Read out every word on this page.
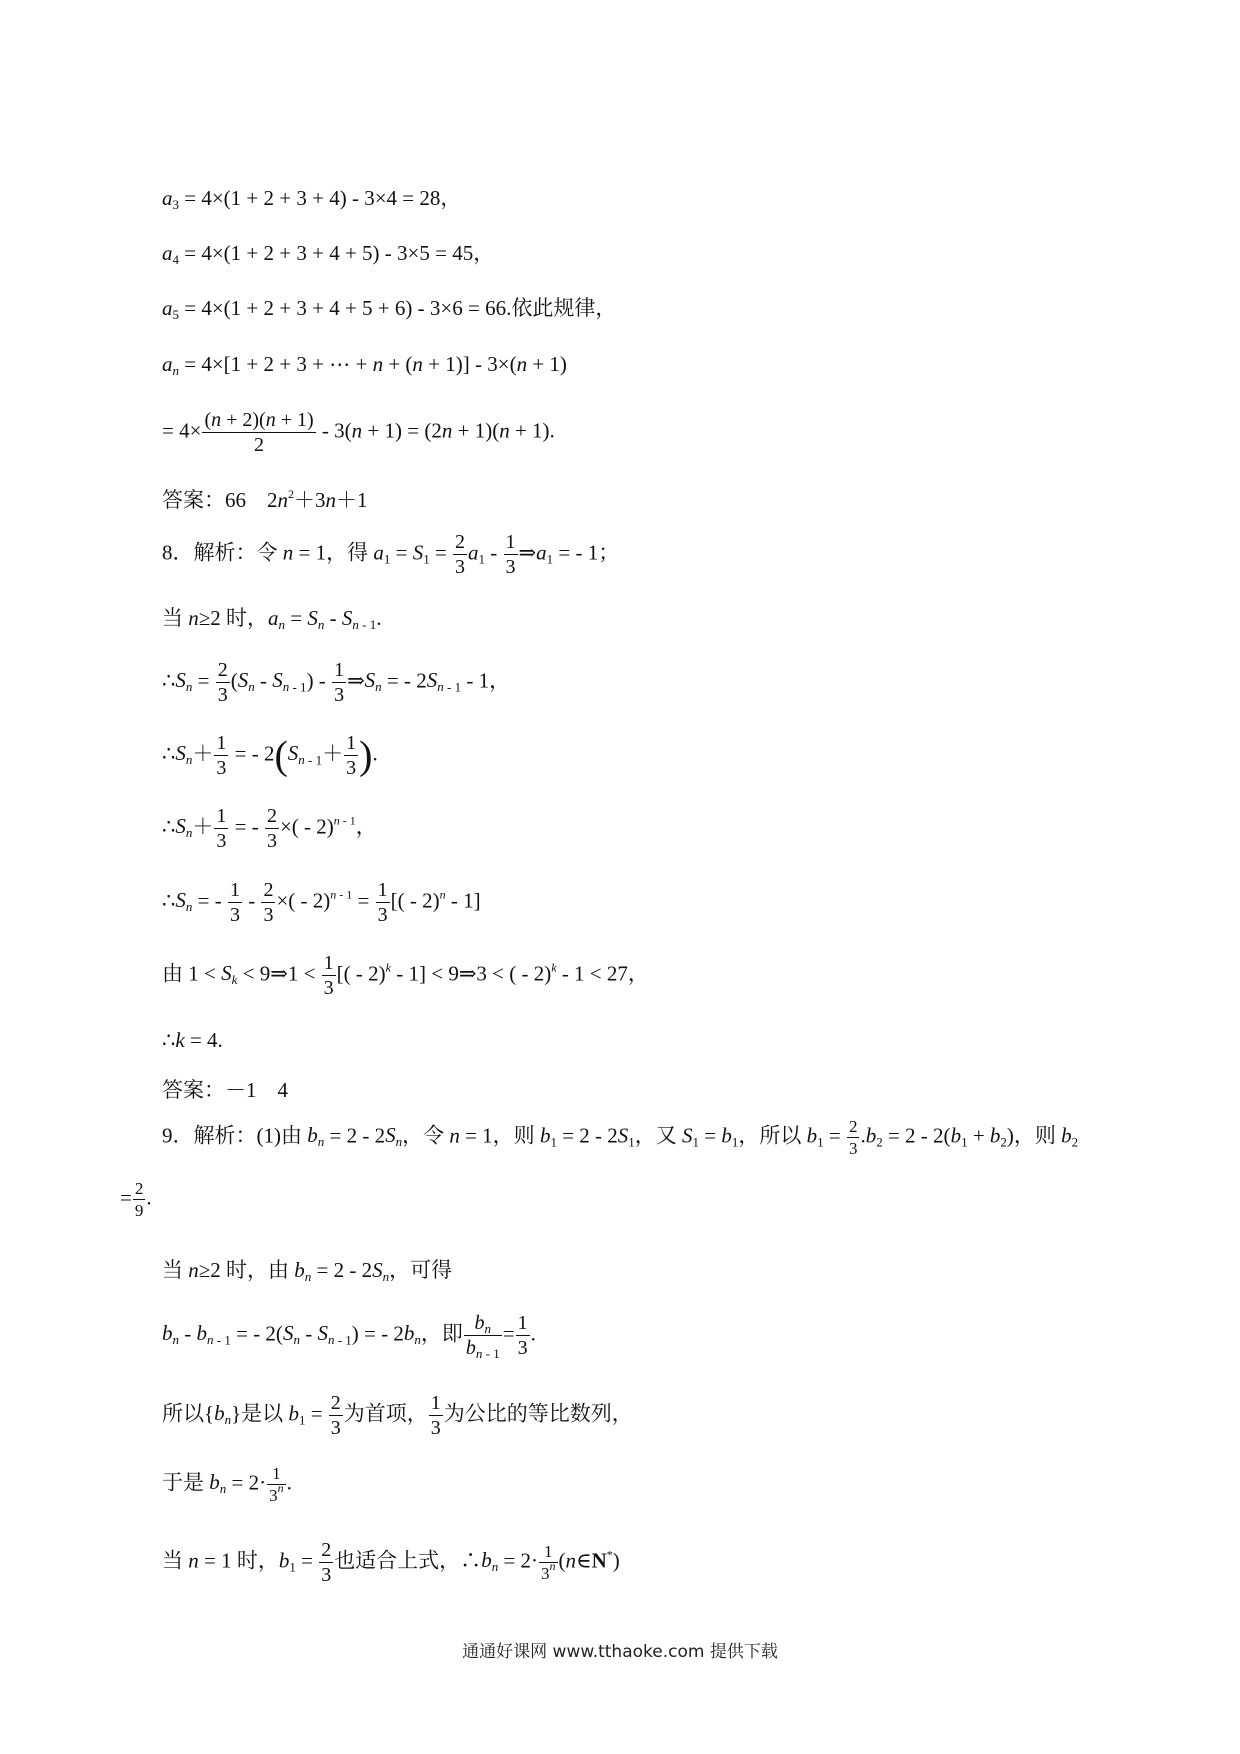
$a_3 = 4\times(1 + 2 + 3 + 4) - 3\times 4 = 28$，
$a_4 = 4\times(1 + 2 + 3 + 4 + 5) - 3\times 5 = 45$，
$a_5 = 4\times(1 + 2 + 3 + 4 + 5 + 6) - 3\times 6 = 66$.依此规律，
$a_n = 4\times[1 + 2 + 3$ + ⋯ + n + (n + 1)] - 3×(n + 1)
= $4\times \frac{(n + 2)(n + 1)}{2} - 3(n + 1) = (2n + 1)(n + 1)$.
答案：66　$2n^2+3n+1$
8．解析：令 n = 1，得 $a_1 = S_1 = \frac{2}{3} a_1 - \frac{1}{3}$ $\Rightarrow a_1$ = - 1；
当 n≥2 时，$a_n = S_n - S_n$ $_{- 1}$.
$\therefore S_n = \frac{2}{3} (S_n - S_n$ $_{- 1}) - \frac{1}{3}$ $\Rightarrow S_n$ = - $2S_n$ $_{- 1}$ - 1，
$\therefore S_n+ \frac{1}{3}$ = - $2(S_n$ $_{- 1}+ \frac{1}{3}$ ).
$\therefore S_n+ \frac{1}{3}$ = - $\frac{2}{3}$ ×( - 2)$^{n - 1}$，
$\therefore S_n$ = - $\frac{1}{3} - \frac{2}{3}$ ×( - $2)^{n - 1} = \frac{1}{3}$ [( - 2)$^n$ - 1]
由 $1 < S_k$ < 9⇒1 < $\frac{1}{3}$ [( - 2)$^k$ - 1] < 9⇒3 < ( - 2)$^k$ - 1 < 27，
∴k = 4.
答案：－1　4
9．解析：(1)由 $b_n = 2 - 2S_n$，令 n = 1，则 $b_1 = 2 - 2S_1$，又 $S_1 = b_1$，所以 $b_1 = \frac{2}{3} .b_2 = 2 - 2(b_1 + b_2)$，则 $b_2$
= $\frac{2}{9}$ .
当 n≥2 时，由 $b_n = 2 - 2S_n$，可得
$b_n - b_n$ $_{- 1}$ = - $2(S_n - S_n$ $_{- 1}$) = - $2b_n$，即 $\frac{b_n}{b_n _{- 1}} = \frac{1}{3}$ .
所以$\{b_n\}$是以 $b_1 = \frac{2}{3}$ 为首项， $\frac{1}{3}$ 为公比的等比数列，
于是 $b_n = 2\cdot \frac{1}{3^n}$ .
当 n = 1 时，$b_1 = \frac{2}{3}$ 也适合上式，$\therefore b_n = 2\cdot \frac{1}{3^n}$ (n∈N*)
通通好课网 www.tthaoke.com 提供下载
